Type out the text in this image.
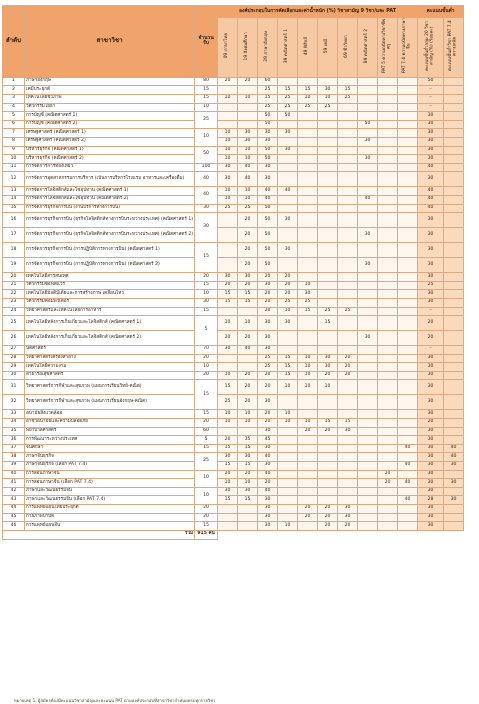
ลำดับ	สาขาวิชา	จำนวนรับ	องค์ประกอบในการคัดเลือกและค่าน้ำหนัก (%) วิชาสามัญ 9 วิชา/และ PAT										คะแนนขั้นต่ำ	
			09 ภาษาไทย	19 สังคมศึกษา	29 ภาษาอังกฤษ	39 คณิตศาสตร์ 1	49 ฟิสิกส์	59 เคมี	69 ชีววิทยา	89 คณิตศาสตร์ 2	PAT 5 ความถนัดทางวิชาชีพครู	PAT 7.4 ความถนัดทางภาษาจีน	คะแนนขั้นต่ำกลุ่ม 20 วิชาสามัญ (%) (ร้อยละ)	คะแนนขั้นต่ำวิชา PAT 7.4 ความถนัด
1	ภาษาอังกฤษ	80	20	20	60								50	
2	เคมีประยุกต์	15			25	15	15	30	15				–	
3	เทคโนโลยีชีวภาพ	15	10	10	15	25	10	10	25				–	
4	วิศวกรรมโยธา	10			25	25	25	25					–	
5	การบัญชี (คณิตศาสตร์ 1)	25			50	50							30	
6	การบัญชี (คณิตศาสตร์ 2)				50					50			30	
7	เศรษฐศาสตร์ (คณิตศาสตร์ 1)	10	10	30	30	30							30	
8	เศรษฐศาสตร์ (คณิตศาสตร์ 2)		10	30	30					30			30	
9	บริหารธุรกิจ (คณิตศาสตร์ 1)	50	10	10	50	30							30	
10	บริหารธุรกิจ (คณิตศาสตร์ 2)		10	10	50					30			30	
11	การจัดการการท่องเที่ยว	100	30	40	30								40	
12	การจัดการอุตสาหกรรมการบริการ (เน้นการบริหารโรงแรม อาหารและเครื่องดื่ม)	40	30	40	30								30	
13	การจัดการโลจิสติกส์และโซ่อุปทาน (คณิตศาสตร์ 1)	40	10	10	40	40							40	
14	การจัดการโลจิสติกส์และโซ่อุปทาน (คณิตศาสตร์ 2)		10	10	40					40			40	
15	การจัดการธุรกิจการบิน (งานบริการทางการบิน)	30	25	25	50								40	
16	การจัดการธุรกิจการบิน (ธุรกิจโลจิสติกส์ทางการบินระหว่างประเทศ) (คณิตศาสตร์ 1)	30		20	50	30							30	
17	การจัดการธุรกิจการบิน (ธุรกิจโลจิสติกส์ทางการบินระหว่างประเทศ) (คณิตศาสตร์ 2)			20	50					30			30	
18	การจัดการธุรกิจการบิน (การปฏิบัติการทางการบิน) (คณิตศาสตร์ 1)	15		20	50	30							30	
19	การจัดการธุรกิจการบิน (การปฏิบัติการทางการบิน) (คณิตศาสตร์ 2)			20	50					30			30	
20	เทคโนโลยีสารสนเทศ	20	30	30	20	20							30	
21	วิศวกรรมซอฟต์แวร์	15	20	20	30	20	10						25	
22	เทคโนโลยีมัลติมีเดียและการสร้างภาพ เคลื่อนไหว	10	15	15	20	20	30						30	
23	วิศวกรรมคอมพิวเตอร์	30	15	15	20	25	25						30	
24	วิทยาศาสตร์และเทคโนโลยีการอาหาร	15			20	10	15	25	25				–	
25	เทคโนโลยีหลังการเก็บเกี่ยวและโลจิสติกส์ (คณิตศาสตร์ 1)	5	10	10	30	30		15					20	
26	เทคโนโลยีหลังการเก็บเกี่ยวและโลจิสติกส์ (คณิตศาสตร์ 2)		20	20	30					30			20	
27	นิติศาสตร์	70	30	40	30								–	
28	วิทยาศาสตร์เครื่องสำอาง	20			25	15	10	30	20				30	
29	เทคโนโลยีความงาม	10			25	15	10	30	20				30	
30	สาธารณสุขศาสตร์	20	10	20	20	15	10	20	20				30	
31	วิทยาศาสตร์การกีฬาและสุขภาพ (แผนการเรียนวิทย์-คณิต)	15	15	20	20	10	10	10					30	
32	วิทยาศาสตร์การกีฬาและสุขภาพ (แผนการเรียนอังกฤษ-คณิต)		25	20	30								30	
33	อนามัยสิ่งแวดล้อม	15	10	10	20	10							30	
34	อาชีวอนามัยและความปลอดภัย	20	10	10	20	10	10	15	15				20	
35	พยาบาลศาสตร์	60			30		20	20	30				30	
36	การพัฒนาระหว่างประเทศ	5	20	35	45								30	
37	จีนศึกษา	15	15	15	30							40	30	40
38	ภาษาจีนธุรกิจ	25	30	30	40								30	40
39	ภาษาจีนธุรกิจ (เลือก PAT 7.4)		15	15	30							40	30	30
40	การสอนภาษาจีน	10	20	20	40						20		30	
41	การสอนภาษาจีน (เลือก PAT 7.4)		10	10	20						20	40	30	30
42	ภาษาและวัฒนธรรมจีน	10	30	30	40								30	
43	ภาษาและวัฒนธรรมจีน (เลือก PAT 7.4)		15	15	30							40	28	30
44	การแพทย์แผนไทยประยุกต์	20			30		20	20	30				30	
45	กายภาพบำบัด	20			30		20	20	30				30	
46	การแพทย์แผนจีน	15			30	10		20	20				30	
รวม		915 คน												
หมายเหตุ 1. ผู้สมัครต้องมีคะแนนวิชาสามัญและคะแนน PAT ตามองค์ประกอบที่สาขาวิชากำหนดครบทุกรายวิชา
